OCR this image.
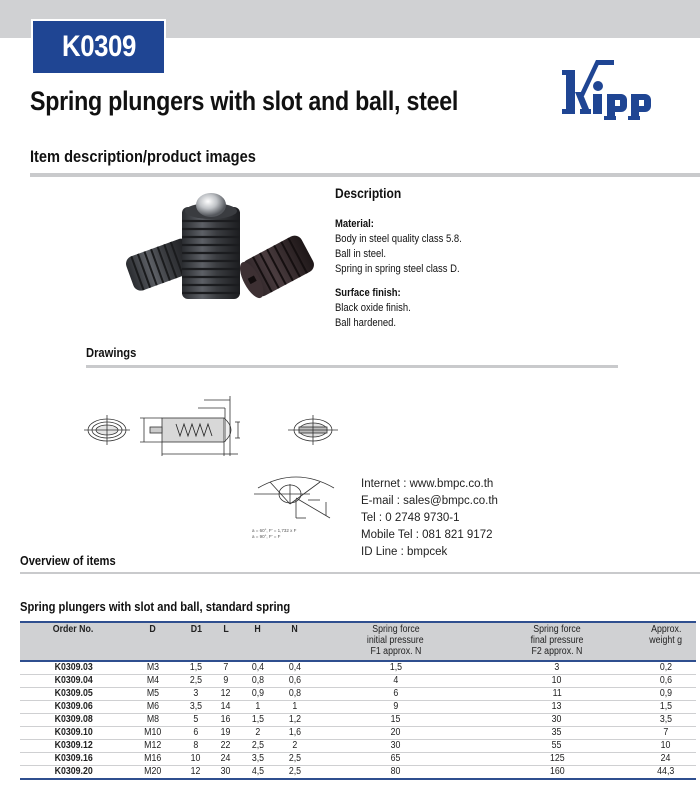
K0309
Spring plungers with slot and ball, steel
Item description/product images
Description
Material:
Body in steel quality class 5.8.
Ball in steel.
Spring in spring steel class D.
Surface finish:
Black oxide finish.
Ball hardened.
Drawings
a = 60°, F' = 1,732 x F
a = 90°, F' = F
Internet : www.bmpc.co.th
E-mail : sales@bmpc.co.th
Tel : 0 2748 9730-1
Mobile Tel : 081 821 9172
ID Line : bmpcek
Overview of items
Spring plungers with slot and ball, standard spring
Order No.	D	D1	L	H	N	Spring force
initial pressure
F1 approx. N	Spring force
final pressure
F2 approx. N	Approx.
weight g
K0309.03	M3	1,5	7	0,4	0,4	1,5	3	0,2
K0309.04	M4	2,5	9	0,8	0,6	4	10	0,6
K0309.05	M5	3	12	0,9	0,8	6	11	0,9
K0309.06	M6	3,5	14	1	1	9	13	1,5
K0309.08	M8	5	16	1,5	1,2	15	30	3,5
K0309.10	M10	6	19	2	1,6	20	35	7
K0309.12	M12	8	22	2,5	2	30	55	10
K0309.16	M16	10	24	3,5	2,5	65	125	24
K0309.20	M20	12	30	4,5	2,5	80	160	44,3
